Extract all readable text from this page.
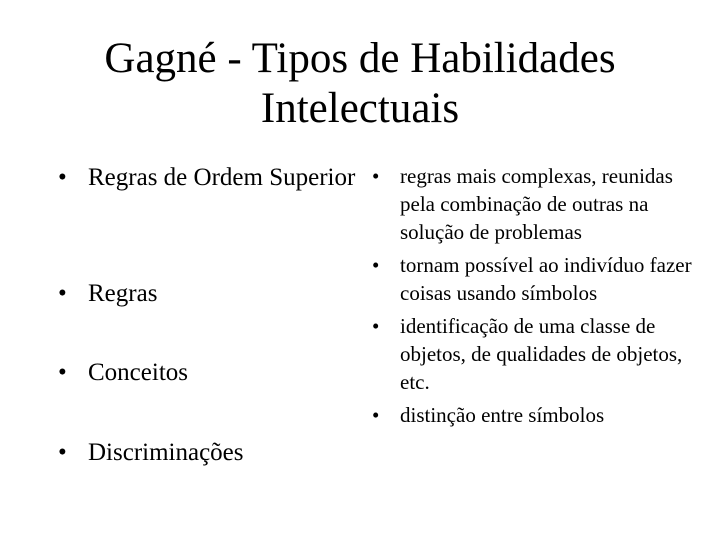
Gagné - Tipos de Habilidades
Intelectuais
• Regras de Ordem Superior
• Regras
• Conceitos
• Discriminações
• regras mais complexas, reunidas pela combinação de outras na solução de problemas
• tornam possível ao indivíduo fazer coisas usando símbolos
• identificação de uma classe de objetos, de qualidades de objetos, etc.
• distinção entre símbolos
